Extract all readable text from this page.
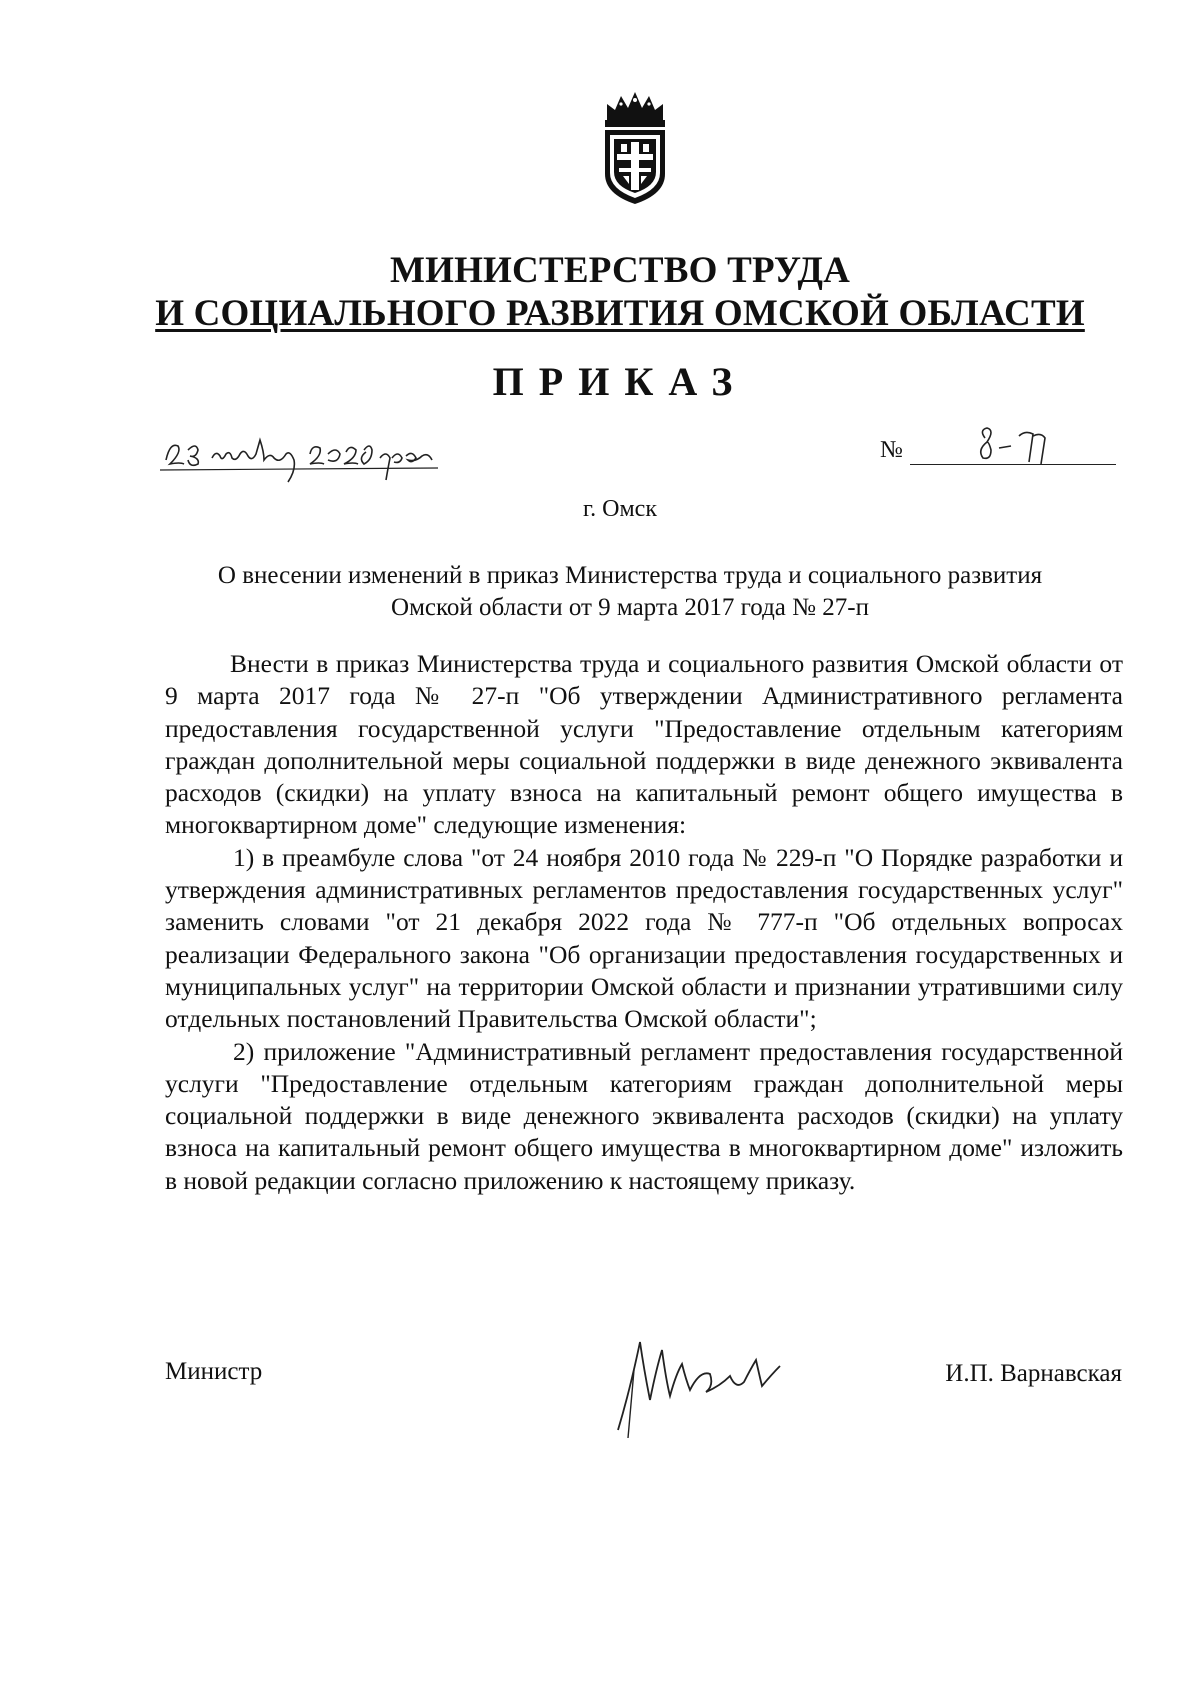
МИНИСТЕРСТВО ТРУДА
И СОЦИАЛЬНОГО РАЗВИТИЯ ОМСКОЙ ОБЛАСТИ
ПРИКАЗ
№
г. Омск
О внесении изменений в приказ Министерства труда и социального развития
Омской области от 9 марта 2017 года № 27-п

Внести в приказ Министерства труда и социального развития Омской области от 9 марта 2017 года № 27-п "Об утверждении Административного регламента предоставления государственной услуги "Предоставление отдельным категориям граждан дополнительной меры социальной поддержки в виде денежного эквивалента расходов (скидки) на уплату взноса на капитальный ремонт общего имущества в многоквартирном доме" следующие изменения:

1) в преамбуле слова "от 24 ноября 2010 года № 229-п "О Порядке разработки и утверждения административных регламентов предоставления государственных услуг" заменить словами "от 21 декабря 2022 года № 777-п "Об отдельных вопросах реализации Федерального закона "Об организации предоставления государственных и муниципальных услуг" на территории Омской области и признании утратившими силу отдельных постановлений Правительства Омской области";

2) приложение "Административный регламент предоставления государственной услуги "Предоставление отдельным категориям граждан дополнительной меры социальной поддержки в виде денежного эквивалента расходов (скидки) на уплату взноса на капитальный ремонт общего имущества в многоквартирном доме" изложить в новой редакции согласно приложению к настоящему приказу.

Министр	И.П. Варнавская
